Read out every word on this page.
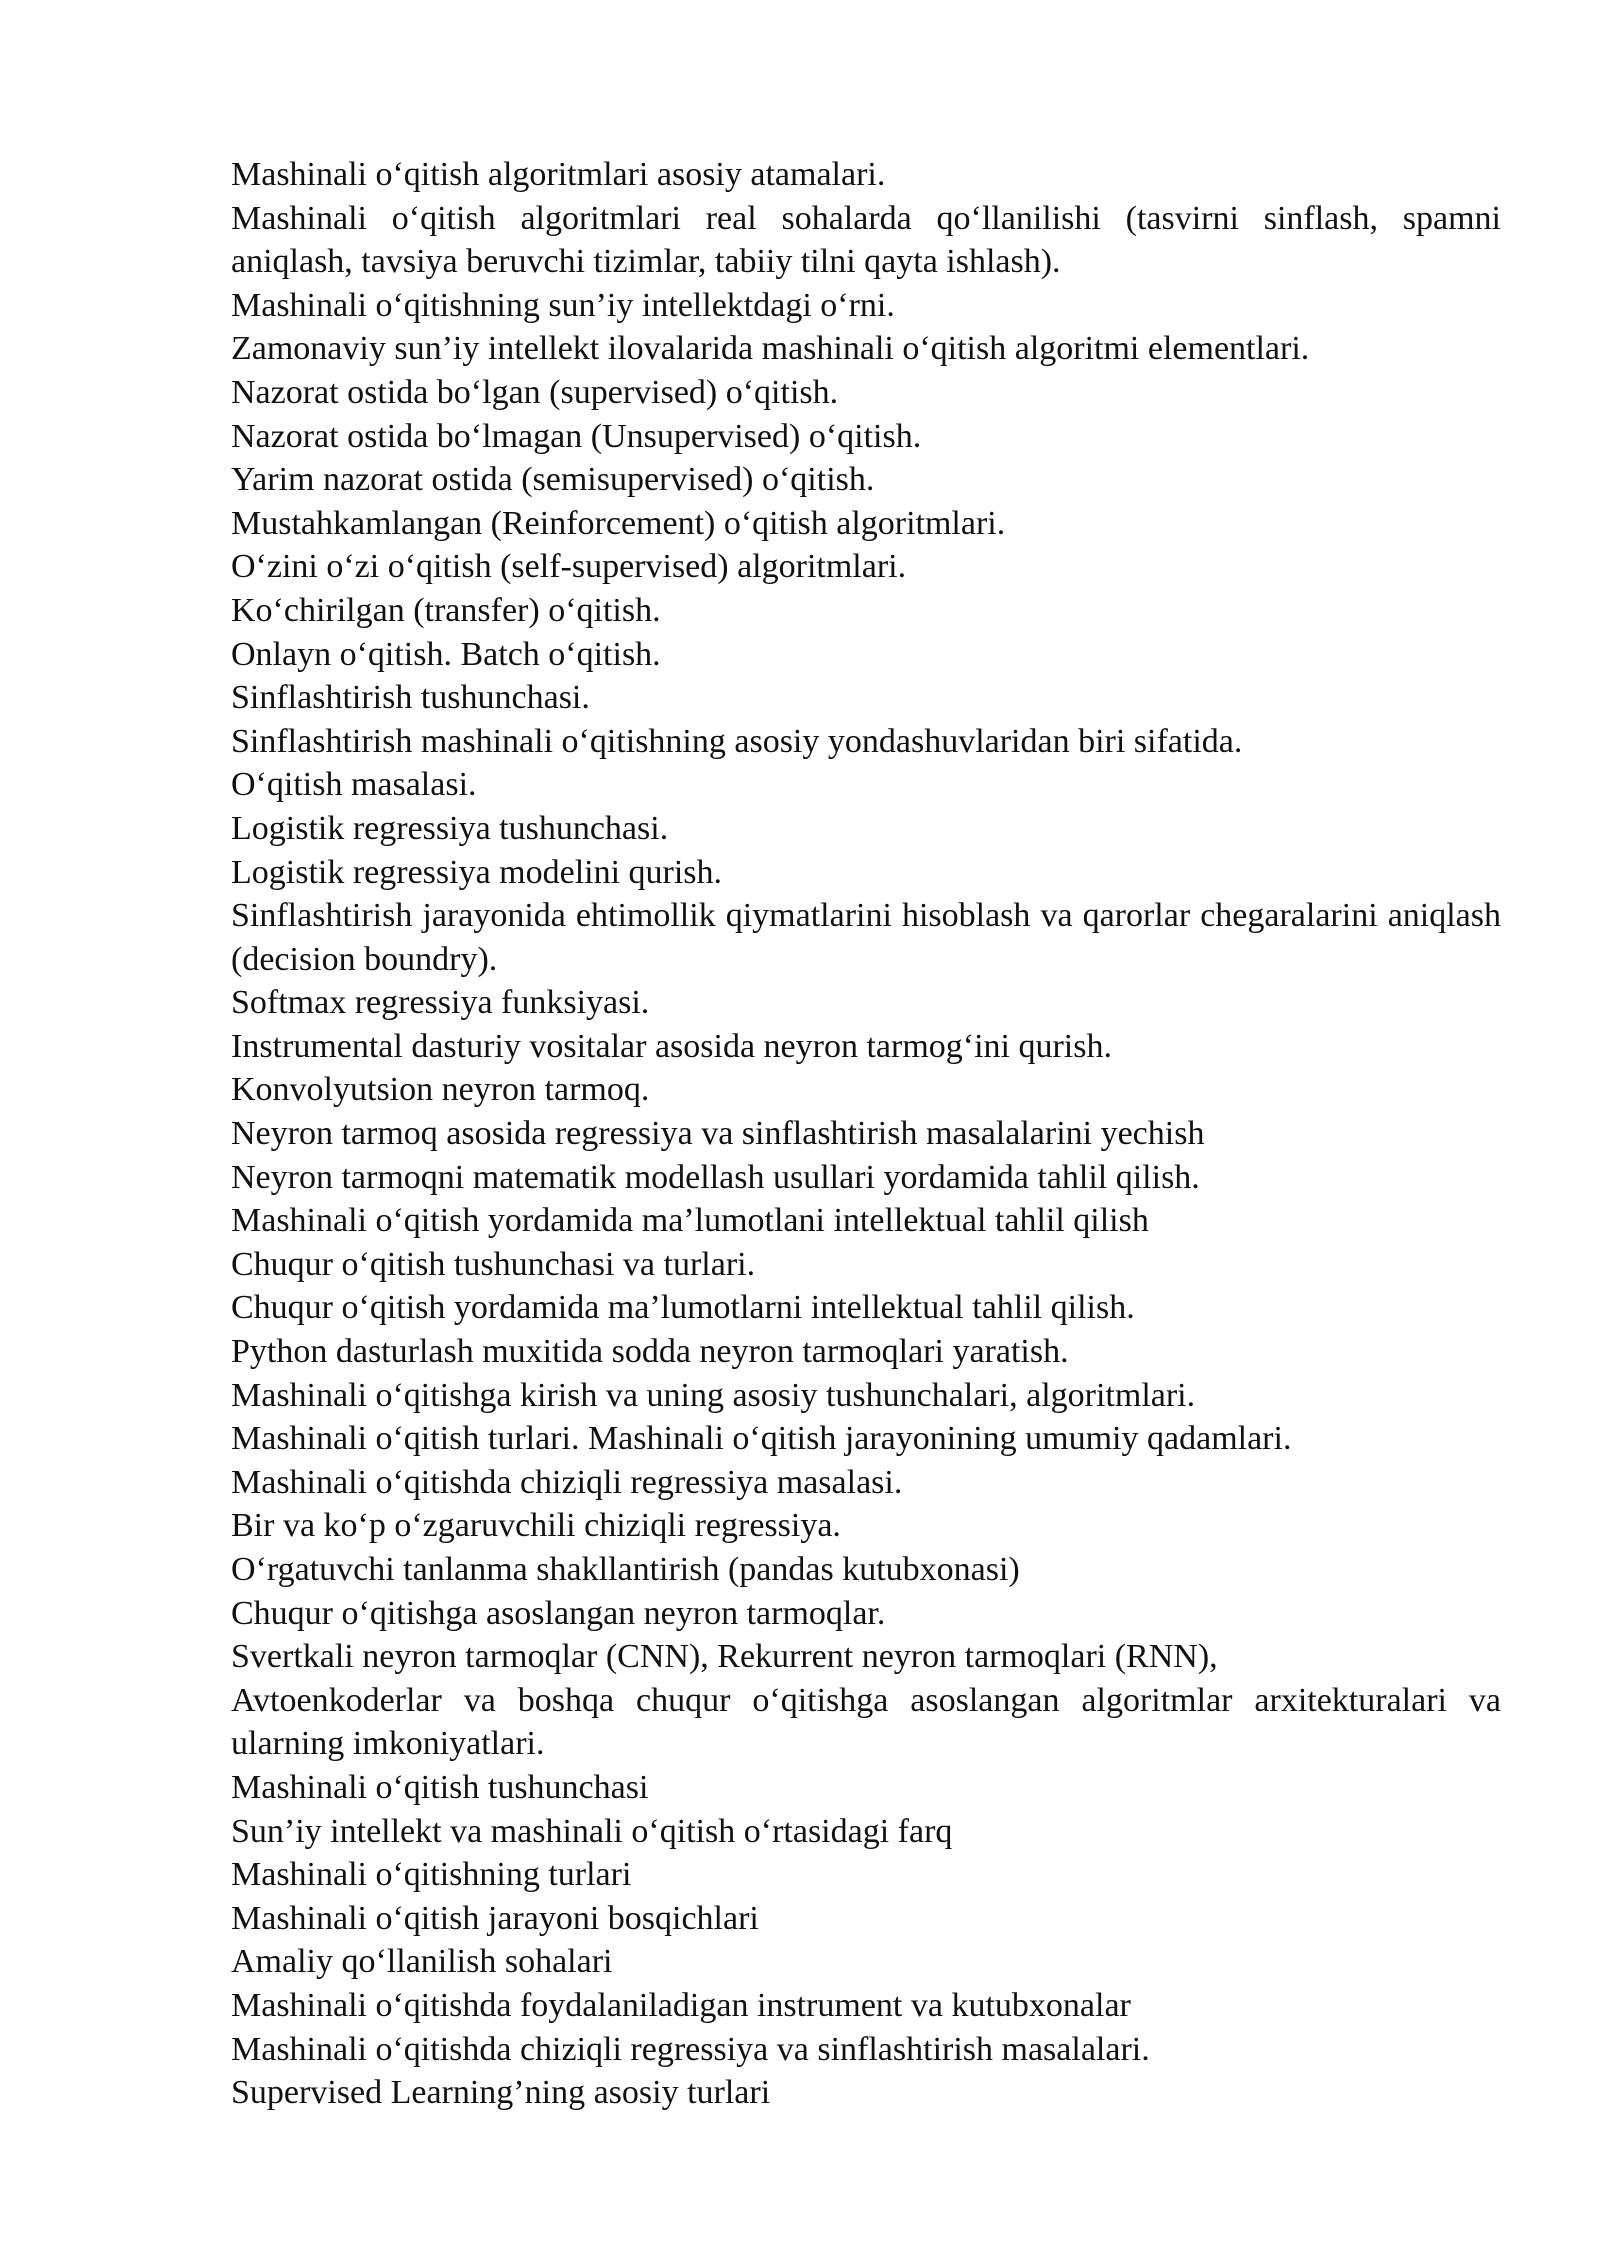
Mashinali o‘qitish algoritmlari asosiy atamalari.
Mashinali o‘qitish algoritmlari real sohalarda qo‘llanilishi (tasvirni sinflash, spamni aniqlash, tavsiya beruvchi tizimlar, tabiiy tilni qayta ishlash).
Mashinali o‘qitishning sun’iy intellektdagi o‘rni.
Zamonaviy sun’iy intellekt ilovalarida mashinali o‘qitish algoritmi elementlari.
Nazorat ostida bo‘lgan (supervised) o‘qitish.
Nazorat ostida bo‘lmagan (Unsupervised) o‘qitish.
Yarim nazorat ostida (semisupervised) o‘qitish.
Mustahkamlangan (Reinforcement) o‘qitish algoritmlari.
O‘zini o‘zi o‘qitish (self-supervised) algoritmlari.
Ko‘chirilgan (transfer) o‘qitish.
Onlayn o‘qitish. Batch o‘qitish.
Sinflashtirish tushunchasi.
Sinflashtirish mashinali o‘qitishning asosiy yondashuvlaridan biri sifatida.
O‘qitish masalasi.
Logistik regressiya tushunchasi.
Logistik regressiya modelini qurish.
Sinflashtirish jarayonida ehtimollik qiymatlarini hisoblash va qarorlar chegaralarini aniqlash (decision boundry).
Softmax regressiya funksiyasi.
Instrumental dasturiy vositalar asosida neyron tarmog‘ini qurish.
Konvolyutsion neyron tarmoq.
Neyron tarmoq asosida regressiya va sinflashtirish masalalarini yechish
Neyron tarmoqni matematik modellash usullari yordamida tahlil qilish.
Mashinali o‘qitish yordamida ma’lumotlani intellektual tahlil qilish
Chuqur o‘qitish tushunchasi va turlari.
Chuqur o‘qitish yordamida ma’lumotlarni intellektual tahlil qilish.
Python dasturlash muxitida sodda neyron tarmoqlari yaratish.
Mashinali o‘qitishga kirish va uning asosiy tushunchalari, algoritmlari.
Mashinali o‘qitish turlari. Mashinali o‘qitish jarayonining umumiy qadamlari.
Mashinali o‘qitishda chiziqli regressiya masalasi.
Bir va ko‘p o‘zgaruvchili chiziqli regressiya.
O‘rgatuvchi tanlanma shakllantirish (pandas kutubxonasi)
Chuqur o‘qitishga asoslangan neyron tarmoqlar.
Svertkali neyron tarmoqlar (CNN), Rekurrent neyron tarmoqlari (RNN),
Avtoenkoderlar va boshqa chuqur o‘qitishga asoslangan algoritmlar arxitekturalari va ularning imkoniyatlari.
Mashinali o‘qitish tushunchasi
Sun’iy intellekt va mashinali o‘qitish o‘rtasidagi farq
Mashinali o‘qitishning turlari
Mashinali o‘qitish jarayoni bosqichlari
Amaliy qo‘llanilish sohalari
Mashinali o‘qitishda foydalaniladigan instrument va kutubxonalar
Mashinali o‘qitishda chiziqli regressiya va sinflashtirish masalalari.
Supervised Learning’ning asosiy turlari
